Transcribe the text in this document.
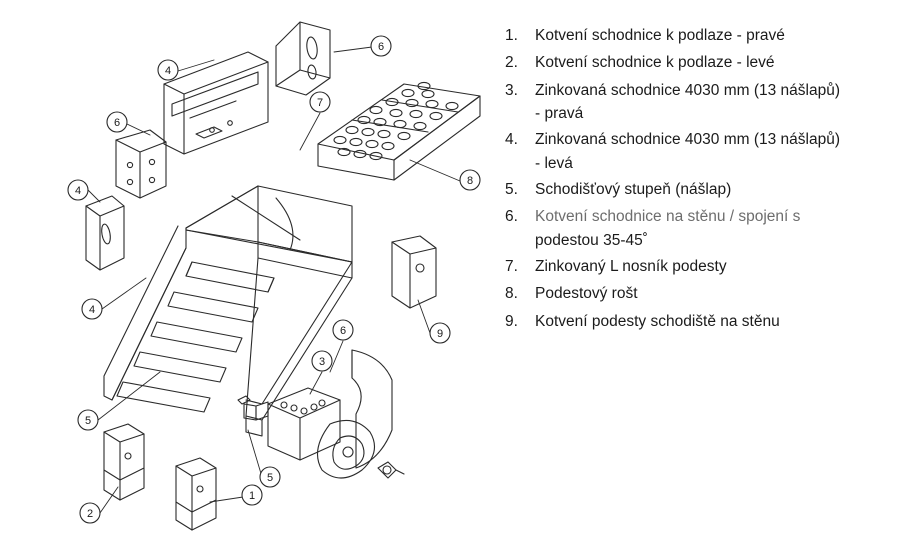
4
6
4
4
5
2
1
5
3
6	9
8
7
6
1.	Kotvení schodnice k podlaze - pravé
2.	Kotvení schodnice k podlaze - levé
3.	Zinkovaná schodnice 4030 mm (13 nášlapů)
- pravá
4.	Zinkovaná schodnice 4030 mm (13 nášlapů)
- levá
5.	Schodišťový stupeň (nášlap)
6.	Kotvení schodnice na stěnu / spojení s
podestou 35-45˚
7.	Zinkovaný L nosník podesty
8.	Podestový rošt
9.	Kotvení podesty schodiště na stěnu
